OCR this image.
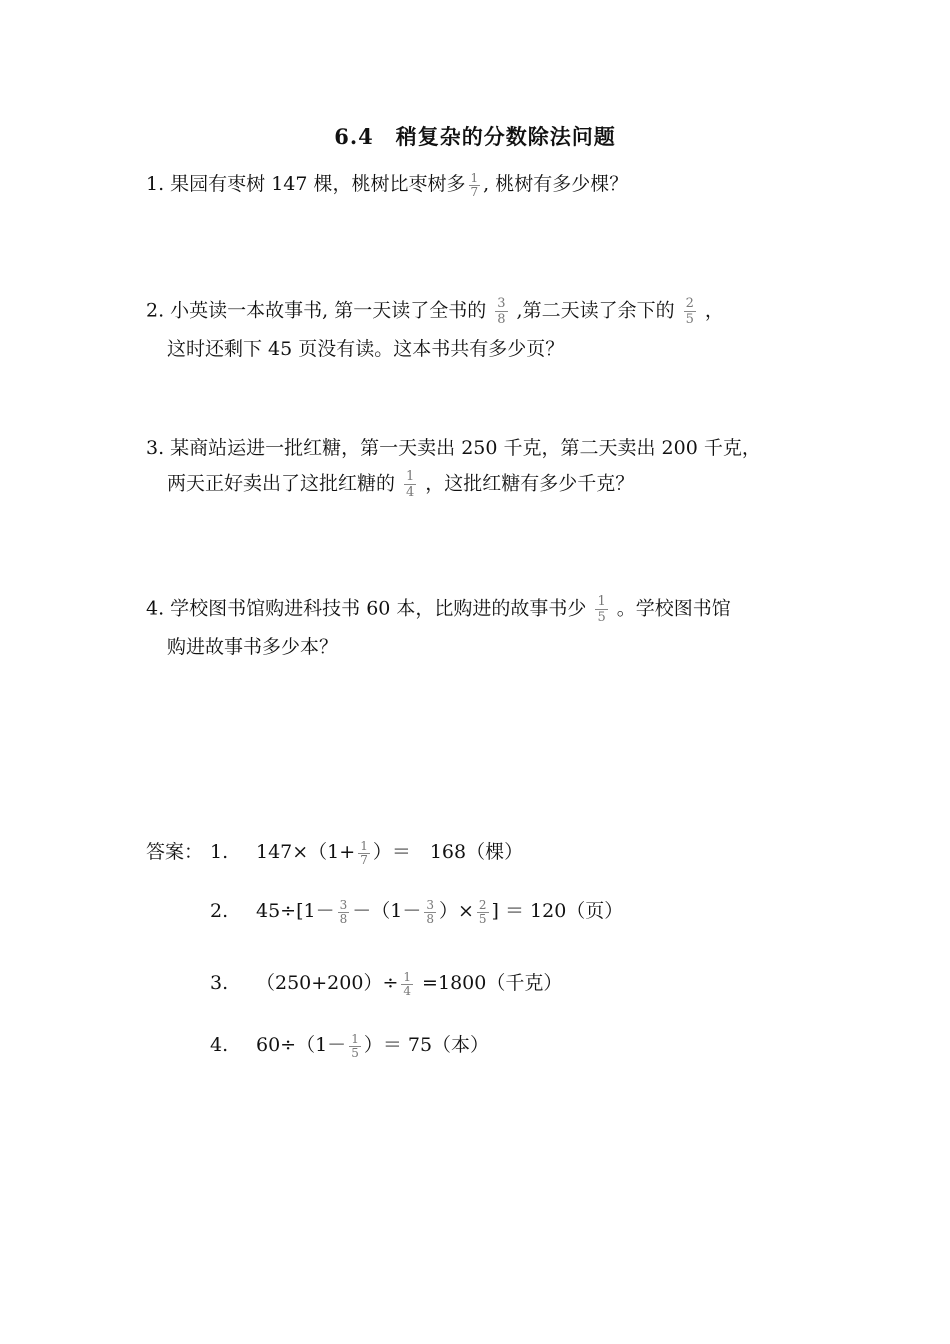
6.4　稍复杂的分数除法问题
1. 果园有枣树 147 棵，桃树比枣树多 $\frac{1}{7}$ , 桃树有多少棵？
2. 小英读一本故事书, 第一天读了全书的 $\frac{3}{8}$ ,第二天读了余下的 $\frac{2}{5}$ ，
这时还剩下 45 页没有读。这本书共有多少页？
3. 某商站运进一批红糖，第一天卖出 250 千克，第二天卖出 200 千克，
两天正好卖出了这批红糖的 $\frac{1}{4}$ ，这批红糖有多少千克？
4. 学校图书馆购进科技书 60 本，比购进的故事书少 $\frac{1}{5}$ 。学校图书馆
购进故事书多少本？
答案： 1. $147\times(1+ \frac{1}{7}$ ）＝　168（棵）
2. $45\div[1- \frac{3}{8} -(1- \frac{3}{8}$ ）× $\frac{2}{5}$ ] ＝ 120（页）
3. $(250+200)\div \frac{1}{4} =1800$（千克）
4. $60\div(1- \frac{1}{5}$ ）＝ 75（本）
